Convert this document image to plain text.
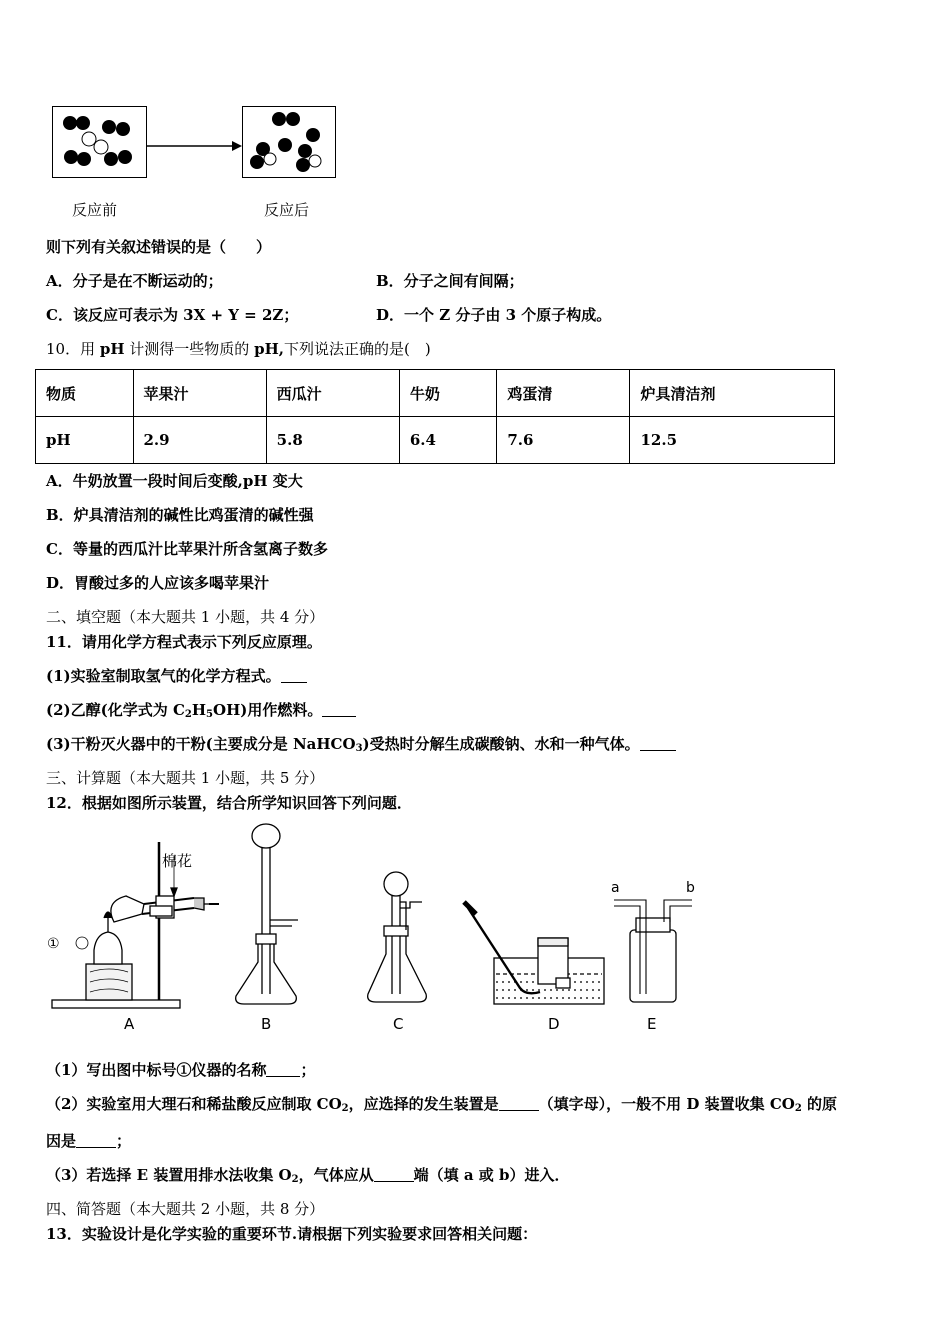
反应前	反应后
则下列有关叙述错误的是（　　）
A．分子是在不断运动的；	B．分子之间有间隔；
C．该反应可表示为 3X + Y = 2Z；	D．一个 Z 分子由 3 个原子构成。
10．用 pH 计测得一些物质的 pH,下列说法正确的是(　)
物质	苹果汁	西瓜汁	牛奶	鸡蛋清	炉具清洁剂
pH	2.9	5.8	6.4	7.6	12.5
A．牛奶放置一段时间后变酸,pH 变大
B．炉具清洁剂的碱性比鸡蛋清的碱性强
C．等量的西瓜汁比苹果汁所含氢离子数多
D．胃酸过多的人应该多喝苹果汁
二、填空题（本大题共 1 小题，共 4 分）
11．请用化学方程式表示下列反应原理。
(1)实验室制取氢气的化学方程式。
(2)乙醇(化学式为 $C_2H_5OH$)用作燃料。
(3)干粉灭火器中的干粉(主要成分是 NaHCO$_3$)受热时分解生成碳酸钠、水和一种气体。
三、计算题（本大题共 1 小题，共 5 分）
12．根据如图所示装置，结合所学知识回答下列问题．
棉花
①
a	b
A	B	C	D	E
（1）写出图中标号①仪器的名称 ；
（2）实验室用大理石和稀盐酸反应制取 $CO_2$，应选择的发生装置是	（填字母），一般不用 D 装置收集 $CO_2$ 的原
因是	；
（3）若选择 E 装置用排水法收集 $O_2$，气体应从	端（填 a 或 b）进入．
四、简答题（本大题共 2 小题，共 8 分）
13．实验设计是化学实验的重要环节.请根据下列实验要求回答相关问题：
